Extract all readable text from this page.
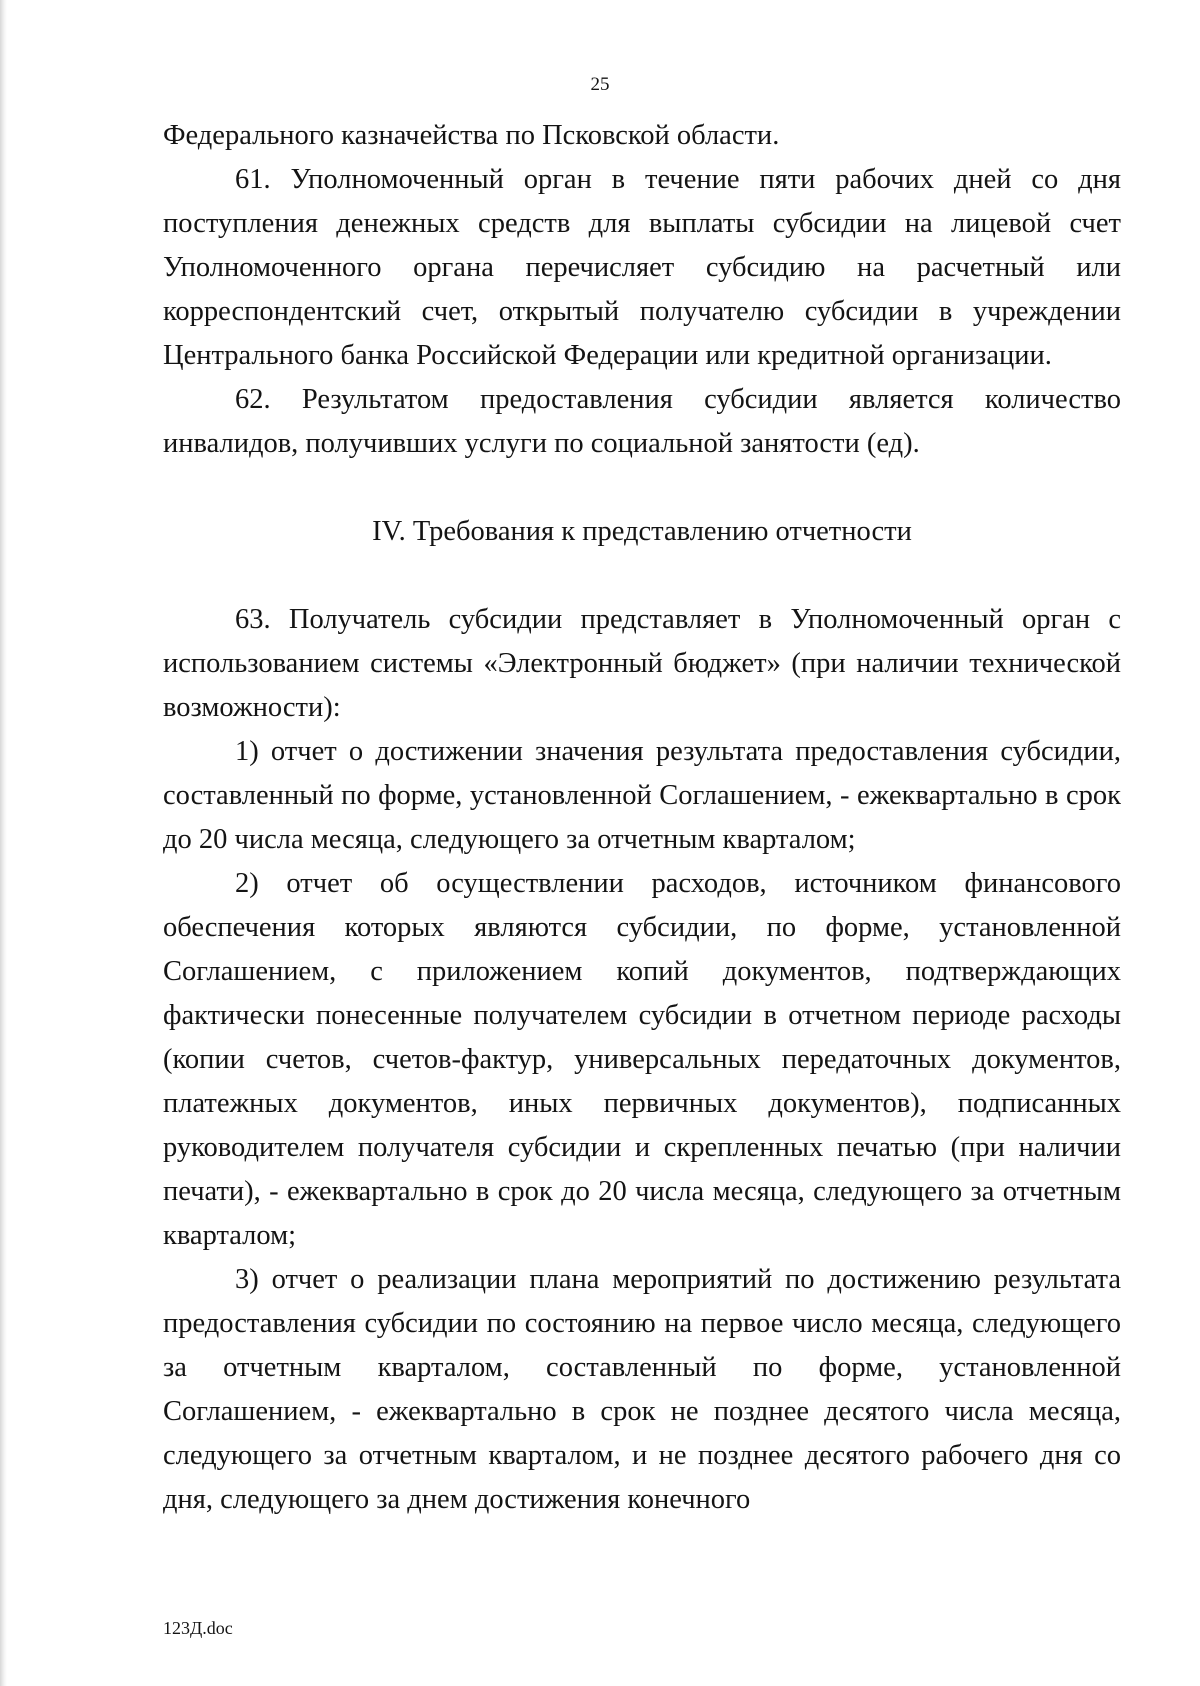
25

Федерального казначейства по Псковской области.

61. Уполномоченный орган в течение пяти рабочих дней со дня поступления денежных средств для выплаты субсидии на лицевой счет Уполномоченного органа перечисляет субсидию на расчетный или корреспондентский счет, открытый получателю субсидии в учреждении Центрального банка Российской Федерации или кредитной организации.

62. Результатом предоставления субсидии является количество инвалидов, получивших услуги по социальной занятости (ед).

IV. Требования к представлению отчетности

63. Получатель субсидии представляет в Уполномоченный орган с использованием системы «Электронный бюджет» (при наличии технической возможности):

1) отчет о достижении значения результата предоставления субсидии, составленный по форме, установленной Соглашением, - ежеквартально в срок до 20 числа месяца, следующего за отчетным кварталом;

2) отчет об осуществлении расходов, источником финансового обеспечения которых являются субсидии, по форме, установленной Соглашением, с приложением копий документов, подтверждающих фактически понесенные получателем субсидии в отчетном периоде расходы (копии счетов, счетов-фактур, универсальных передаточных документов, платежных документов, иных первичных документов), подписанных руководителем получателя субсидии и скрепленных печатью (при наличии печати), - ежеквартально в срок до 20 числа месяца, следующего за отчетным кварталом;

3) отчет о реализации плана мероприятий по достижению результата предоставления субсидии по состоянию на первое число месяца, следующего за отчетным кварталом, составленный по форме, установленной Соглашением, - ежеквартально в срок не позднее десятого числа месяца, следующего за отчетным кварталом, и не позднее десятого рабочего дня со дня, следующего за днем достижения конечного

123Д.doc
